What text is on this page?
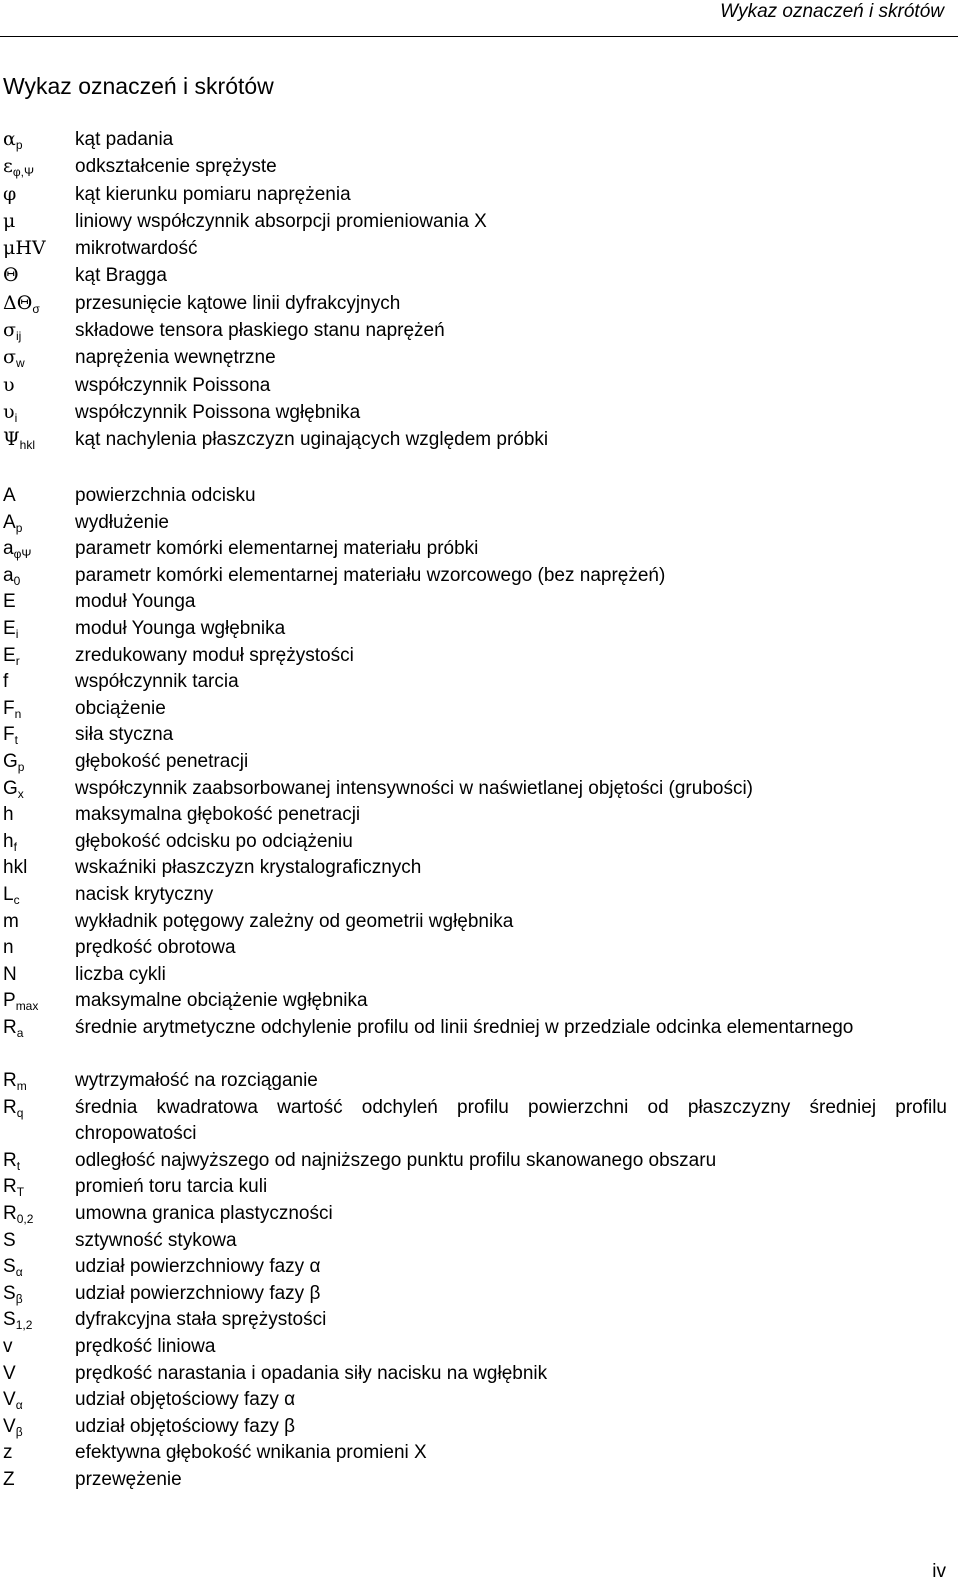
Wykaz oznaczeń i skrótów
Wykaz oznaczeń i skrótów
$\alpha_p$	kąt padania
$\varepsilon_{\varphi,\Psi}$ odkształcenie sprężyste
φ	kąt kierunku pomiaru naprężenia
μ	liniowy współczynnik absorpcji promieniowania X
μHV mikrotwardość
Θ	kąt Bragga
$\Delta\Theta_\sigma$ przesunięcie kątowe linii dyfrakcyjnych
$\sigma_{ij}$	składowe tensora płaskiego stanu naprężeń
$\sigma_w$	naprężenia wewnętrzne
υ	współczynnik Poissona
$\upsilon_i$	współczynnik Poissona wgłębnika
$\Psi_{hkl}$ kąt nachylenia płaszczyzn uginających względem próbki
A	powierzchnia odcisku
$A_p$	wydłużenie
$a_{\varphi\Psi}$ parametr komórki elementarnej materiału próbki
$a_0$	parametr komórki elementarnej materiału wzorcowego (bez naprężeń)
E	moduł Younga
$E_i$	moduł Younga wgłębnika
$E_r$	zredukowany moduł sprężystości
f	współczynnik tarcia
$F_n$	obciążenie
$F_t$	siła styczna
$G_p$	głębokość penetracji
$G_x$	współczynnik zaabsorbowanej intensywności w naświetlanej objętości (grubości)
h	maksymalna głębokość penetracji
$h_f$	głębokość odcisku po odciążeniu
hkl	wskaźniki płaszczyzn krystalograficznych
$L_c$	nacisk krytyczny
m	wykładnik potęgowy zależny od geometrii wgłębnika
n	prędkość obrotowa
N	liczba cykli
$P_{max}$ maksymalne obciążenie wgłębnika
$R_a$	średnie arytmetyczne odchylenie profilu od linii średniej w przedziale odcinka elementarnego
$R_m$	wytrzymałość na rozciąganie
$R_q$	średnia kwadratowa wartość odchyleń profilu powierzchni od płaszczyzny średniej profilu chropowatości
$R_t$	odległość najwyższego od najniższego punktu profilu skanowanego obszaru
$R_T$	promień toru tarcia kuli
$R_{0,2}$ umowna granica plastyczności
S	sztywność stykowa
$S_\alpha$	udział powierzchniowy fazy α
$S_\beta$	udział powierzchniowy fazy β
$S_{1,2}$ dyfrakcyjna stała sprężystości
v	prędkość liniowa
V	prędkość narastania i opadania siły nacisku na wgłębnik
$V_\alpha$	udział objętościowy fazy α
$V_\beta$	udział objętościowy fazy β
z	efektywna głębokość wnikania promieni X
Z	przewężenie
iv
